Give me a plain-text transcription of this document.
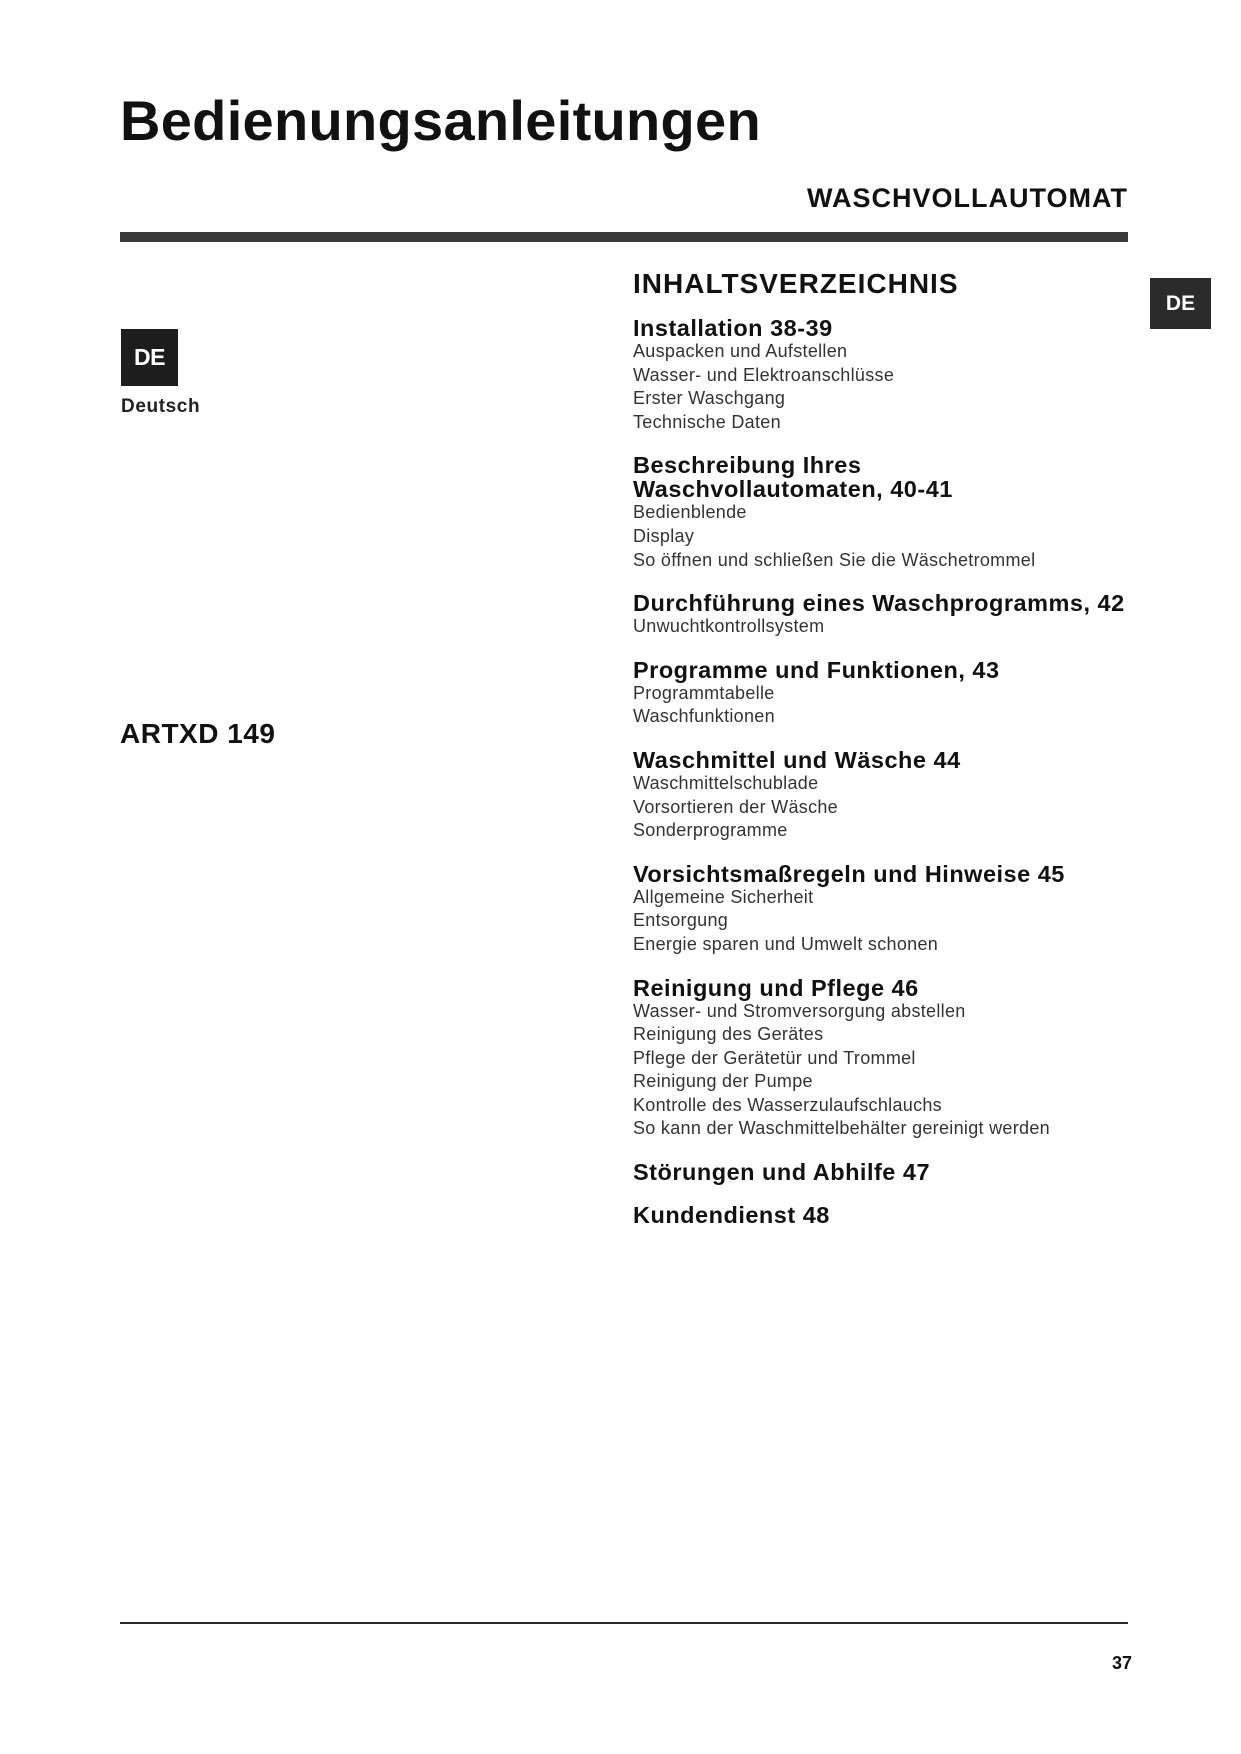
Bedienungsanleitungen
WASCHVOLLAUTOMAT
DE
Deutsch
DE
ARTXD 149
INHALTSVERZEICHNIS
Installation 38-39
Auspacken und Aufstellen
Wasser- und Elektroanschlüsse
Erster Waschgang
Technische Daten
Beschreibung Ihres
Waschvollautomaten, 40-41
Bedienblende
Display
So öffnen und schließen Sie die Wäschetrommel
Durchführung eines Waschprogramms, 42
Unwuchtkontrollsystem
Programme und Funktionen, 43
Programmtabelle
Waschfunktionen
Waschmittel und Wäsche 44
Waschmittelschublade
Vorsortieren der Wäsche
Sonderprogramme
Vorsichtsmaßregeln und Hinweise 45
Allgemeine Sicherheit
Entsorgung
Energie sparen und Umwelt schonen
Reinigung und Pflege 46
Wasser- und Stromversorgung abstellen
Reinigung des Gerätes
Pflege der Gerätetür und Trommel
Reinigung der Pumpe
Kontrolle des Wasserzulaufschlauchs
So kann der Waschmittelbehälter gereinigt werden
Störungen und Abhilfe 47
Kundendienst 48
37
